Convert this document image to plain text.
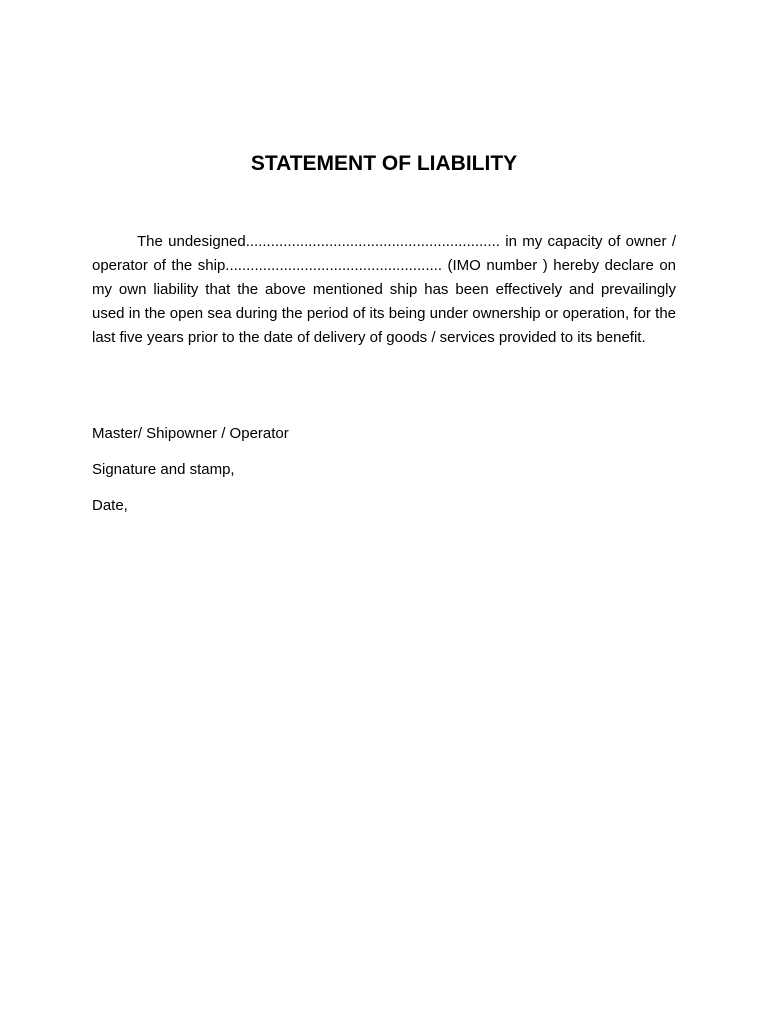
STATEMENT OF LIABILITY

The undesigned............................................................. in my capacity of owner / operator of the ship.................................................... (IMO number ) hereby declare on my own liability that the above mentioned ship has been effectively and prevailingly used in the open sea during the period of its being under ownership or operation, for the last five years prior to the date of delivery of goods / services provided to its benefit.

Master/ Shipowner / Operator
Signature and stamp,
Date,
